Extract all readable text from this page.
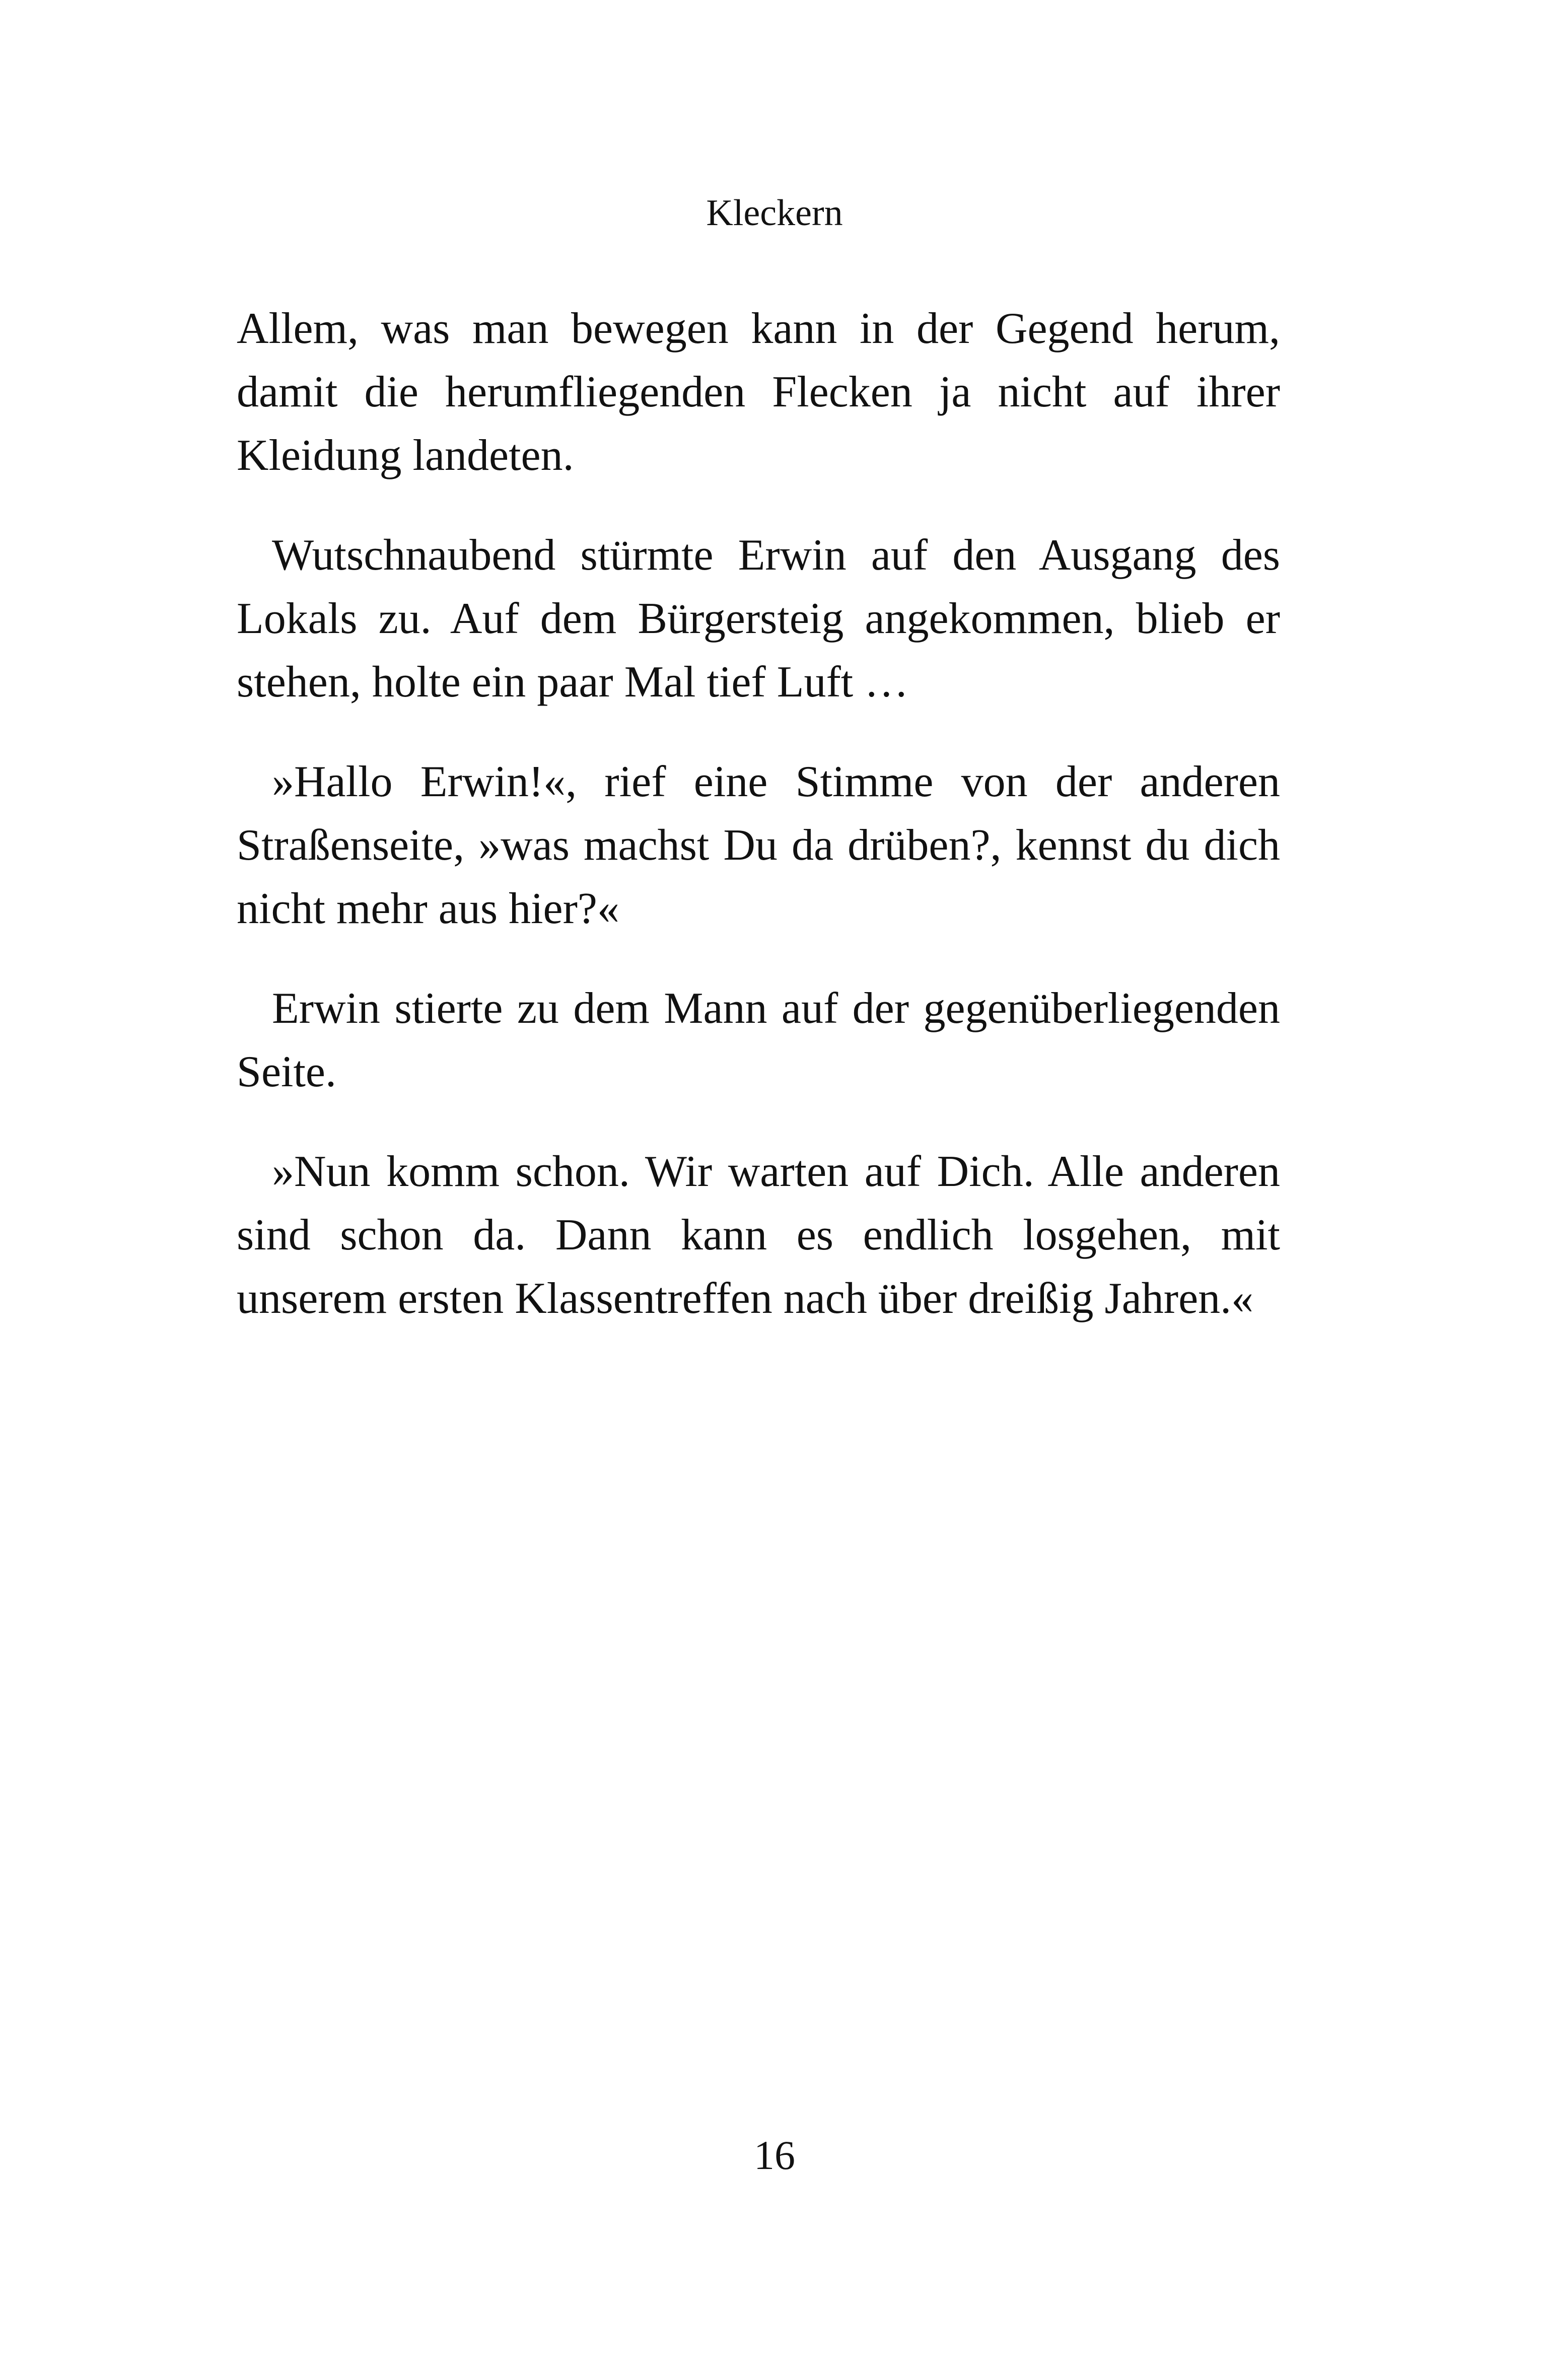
Kleckern

Allem, was man bewegen kann in der Gegend herum, damit die herumfliegenden Flecken ja nicht auf ihrer Kleidung landeten.

Wutschnaubend stürmte Erwin auf den Ausgang des Lokals zu. Auf dem Bürgersteig angekommen, blieb er stehen, holte ein paar Mal tief Luft …

»Hallo Erwin!«, rief eine Stimme von der anderen Straßenseite, »was machst Du da drüben?, kennst du dich nicht mehr aus hier?«

Erwin stierte zu dem Mann auf der gegenüberliegenden Seite.

»Nun komm schon. Wir warten auf Dich. Alle anderen sind schon da. Dann kann es endlich losgehen, mit unserem ersten Klassentreffen nach über dreißig Jahren.«

16
